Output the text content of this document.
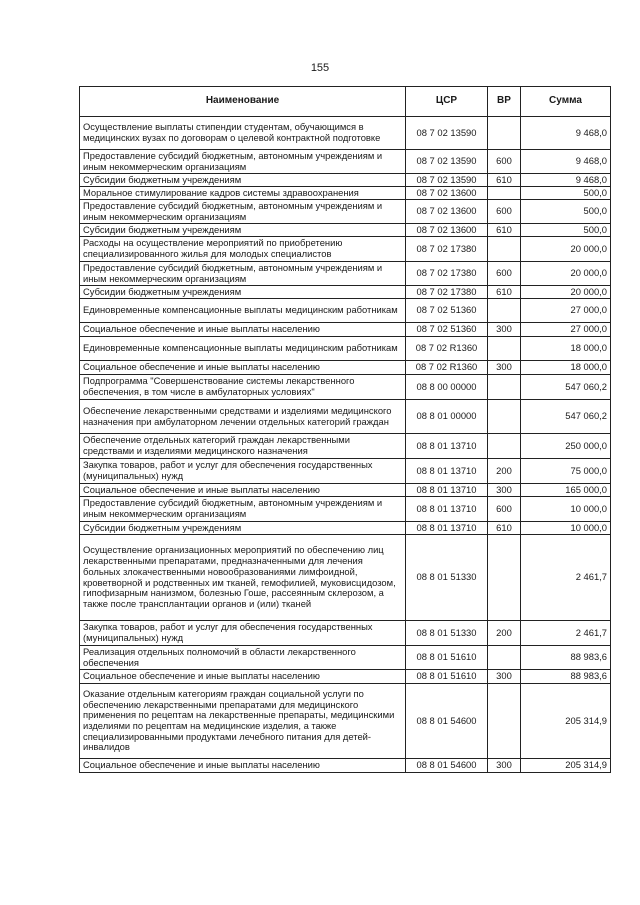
155
Наименование	ЦСР	ВР	Сумма
Осуществление выплаты стипендии студентам, обучающимся в медицинских вузах по договорам о целевой контрактной подготовке	08 7 02 13590		9 468,0
Предоставление субсидий бюджетным, автономным учреждениям и иным некоммерческим организациям	08 7 02 13590	600	9 468,0
Субсидии бюджетным учреждениям	08 7 02 13590	610	9 468,0
Моральное стимулирование кадров системы здравоохранения	08 7 02 13600		500,0
Предоставление субсидий бюджетным, автономным учреждениям и иным некоммерческим организациям	08 7 02 13600	600	500,0
Субсидии бюджетным учреждениям	08 7 02 13600	610	500,0
Расходы на осуществление мероприятий по приобретению специализированного жилья для молодых специалистов	08 7 02 17380		20 000,0
Предоставление субсидий бюджетным, автономным учреждениям и иным некоммерческим организациям	08 7 02 17380	600	20 000,0
Субсидии бюджетным учреждениям	08 7 02 17380	610	20 000,0
Единовременные компенсационные выплаты медицинским работникам	08 7 02 51360		27 000,0
Социальное обеспечение и иные выплаты населению	08 7 02 51360	300	27 000,0
Единовременные компенсационные выплаты медицинским работникам	08 7 02 R1360		18 000,0
Социальное обеспечение и иные выплаты населению	08 7 02 R1360	300	18 000,0
Подпрограмма "Совершенствование системы лекарственного обеспечения, в том числе в амбулаторных условиях"	08 8 00 00000		547 060,2
Обеспечение лекарственными средствами и изделиями медицинского назначения при амбулаторном лечении отдельных категорий граждан	08 8 01 00000		547 060,2
Обеспечение отдельных категорий граждан лекарственными средствами и изделиями медицинского назначения	08 8 01 13710		250 000,0
Закупка товаров, работ и услуг для обеспечения государственных (муниципальных) нужд	08 8 01 13710	200	75 000,0
Социальное обеспечение и иные выплаты населению	08 8 01 13710	300	165 000,0
Предоставление субсидий бюджетным, автономным учреждениям и иным некоммерческим организациям	08 8 01 13710	600	10 000,0
Субсидии бюджетным учреждениям	08 8 01 13710	610	10 000,0
Осуществление организационных мероприятий по обеспечению лиц лекарственными препаратами, предназначенными для лечения больных злокачественными новообразованиями лимфоидной, кроветворной и родственных им тканей, гемофилией, муковисцидозом, гипофизарным нанизмом, болезнью Гоше, рассеянным склерозом, а также после трансплантации органов и (или) тканей	08 8 01 51330		2 461,7
Закупка товаров, работ и услуг для обеспечения государственных (муниципальных) нужд	08 8 01 51330	200	2 461,7
Реализация отдельных полномочий в области лекарственного обеспечения	08 8 01 51610		88 983,6
Социальное обеспечение и иные выплаты населению	08 8 01 51610	300	88 983,6
Оказание отдельным категориям граждан социальной услуги по обеспечению лекарственными препаратами для медицинского применения по рецептам на лекарственные препараты, медицинскими изделиями по рецептам на медицинские изделия, а также специализированными продуктами лечебного питания для детей-инвалидов	08 8 01 54600		205 314,9
Социальное обеспечение и иные выплаты населению	08 8 01 54600	300	205 314,9
